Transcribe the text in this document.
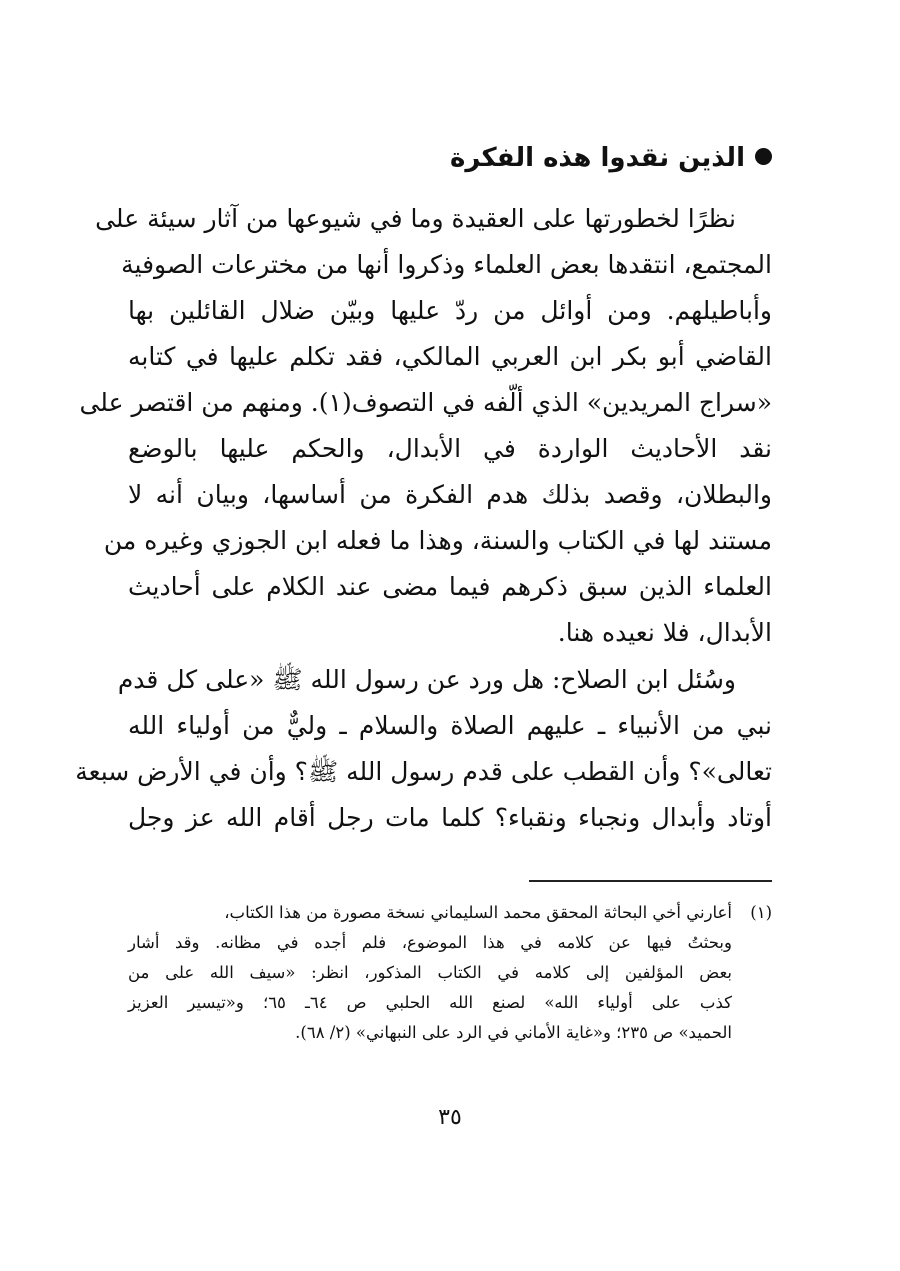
الذين نقدوا هذه الفكرة
نظرًا لخطورتها على العقيدة وما في شيوعها من آثار سيئة على
المجتمع، انتقدها بعض العلماء وذكروا أنها من مخترعات الصوفية
وأباطيلهم. ومن أوائل من ردّ عليها وبيّن ضلال القائلين بها
القاضي أبو بكر ابن العربي المالكي، فقد تكلم عليها في كتابه
«سراج المريدين» الذي ألّفه في التصوف(١). ومنهم من اقتصر على
نقد الأحاديث الواردة في الأبدال، والحكم عليها بالوضع
والبطلان، وقصد بذلك هدم الفكرة من أساسها، وبيان أنه لا
مستند لها في الكتاب والسنة، وهذا ما فعله ابن الجوزي وغيره من
العلماء الذين سبق ذكرهم فيما مضى عند الكلام على أحاديث
الأبدال، فلا نعيده هنا.
وسُئل ابن الصلاح: هل ورد عن رسول الله ﷺ «على كل قدم
نبي من الأنبياء ـ عليهم الصلاة والسلام ـ وليٌّ من أولياء الله
تعالى»؟ وأن القطب على قدم رسول الله ﷺ؟ وأن في الأرض سبعة
أوتاد وأبدال ونجباء ونقباء؟ كلما مات رجل أقام الله عز وجل
(١)أعارني أخي البحاثة المحقق محمد السليماني نسخة مصورة من هذا الكتاب،
وبحثتُ فيها عن كلامه في هذا الموضوع، فلم أجده في مظانه. وقد أشار
بعض المؤلفين إلى كلامه في الكتاب المذكور، انظر: «سيف الله على من
كذب على أولياء الله» لصنع الله الحلبي ص ٦٤ـ ٦٥؛ و«تيسير العزيز
الحميد» ص ٢٣٥؛ و«غاية الأماني في الرد على النبهاني» (٢/ ٦٨).
٣٥
